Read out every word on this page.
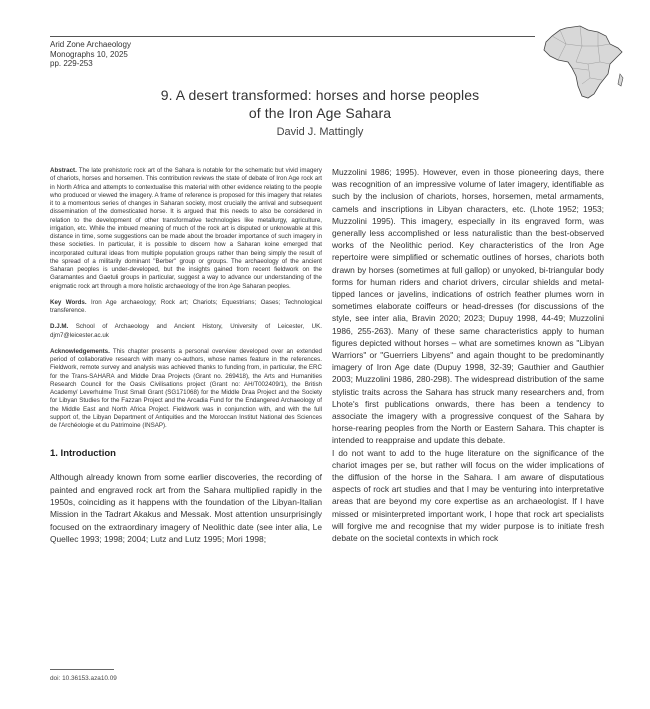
Arid Zone Archaeology
Monographs 10, 2025
pp. 229-253
9. A desert transformed: horses and horse peoples
of the Iron Age Sahara
David J. Mattingly

Abstract. The late prehistoric rock art of the Sahara is notable for the schematic but vivid imagery of chariots, horses and horsemen. This contribution reviews the state of debate of Iron Age rock art in North Africa and attempts to contextualise this material with other evidence relating to the people who produced or viewed the imagery. A frame of reference is proposed for this imagery that relates it to a momentous series of changes in Saharan society, most crucially the arrival and subsequent dissemination of the domesticated horse. It is argued that this needs to also be considered in relation to the development of other transformative technologies like metallurgy, agriculture, irrigation, etc. While the imbued meaning of much of the rock art is disputed or unknowable at this distance in time, some suggestions can be made about the broader importance of such imagery in these societies. In particular, it is possible to discern how a Saharan koine emerged that incorporated cultural ideas from multiple population groups rather than being simply the result of the spread of a militarily dominant "Berber" group or groups. The archaeology of the ancient Saharan peoples is under-developed, but the insights gained from recent fieldwork on the Garamantes and Gaetuli groups in particular, suggest a way to advance our understanding of the enigmatic rock art through a more holistic archaeology of the Iron Age Saharan peoples.

Key Words. Iron Age archaeology; Rock art; Chariots; Equestrians; Oases; Technological transference.

D.J.M. School of Archaeology and Ancient History, University of Leicester, UK. djm7@leicester.ac.uk

Acknowledgements. This chapter presents a personal overview developed over an extended period of collaborative research with many co-authors, whose names feature in the references. Fieldwork, remote survey and analysis was achieved thanks to funding from, in particular, the ERC for the Trans-SAHARA and Middle Draa Projects (Grant no. 269418), the Arts and Humanities Research Council for the Oasis Civilisations project (Grant no: AH/T002409/1), the British Academy/ Leverhulme Trust Small Grant (SG171068) for the Middle Draa Project and the Society for Libyan Studies for the Fazzan Project and the Arcadia Fund for the Endangered Archaeology of the Middle East and North Africa Project. Fieldwork was in conjunction with, and with the full support of, the Libyan Department of Antiquities and the Moroccan Institut National des Sciences de l'Archéologie et du Patrimoine (INSAP).

1. Introduction

Although already known from some earlier discoveries, the recording of painted and engraved rock art from the Sahara multiplied rapidly in the 1950s, coinciding as it happens with the foundation of the Libyan-Italian Mission in the Tadrart Akakus and Messak. Most attention unsurprisingly focused on the extraordinary imagery of Neolithic date (see inter alia, Le Quellec 1993; 1998; 2004; Lutz and Lutz 1995; Mori 1998;

Muzzolini 1986; 1995). However, even in those pioneering days, there was recognition of an impressive volume of later imagery, identifiable as such by the inclusion of chariots, horses, horsemen, metal armaments, camels and inscriptions in Libyan characters, etc. (Lhote 1952; 1953; Muzzolini 1995). This imagery, especially in its engraved form, was generally less accomplished or less naturalistic than the best-observed works of the Neolithic period. Key characteristics of the Iron Age repertoire were simplified or schematic outlines of horses, chariots both drawn by horses (sometimes at full gallop) or unyoked, bi-triangular body forms for human riders and chariot drivers, circular shields and metal-tipped lances or javelins, indications of ostrich feather plumes worn in sometimes elaborate coiffeurs or head-dresses (for discussions of the style, see inter alia, Bravin 2020; 2023; Dupuy 1998, 44-49; Muzzolini 1986, 255-263). Many of these same characteristics apply to human figures depicted without horses – what are sometimes known as "Libyan Warriors" or "Guerriers Libyens" and again thought to be predominantly imagery of Iron Age date (Dupuy 1998, 32-39; Gauthier and Gauthier 2003; Muzzolini 1986, 280-298). The widespread distribution of the same stylistic traits across the Sahara has struck many researchers and, from Lhote's first publications onwards, there has been a tendency to associate the imagery with a progressive conquest of the Sahara by horse-rearing peoples from the North or Eastern Sahara. This chapter is intended to reappraise and update this debate.

I do not want to add to the huge literature on the significance of the chariot images per se, but rather will focus on the wider implications of the diffusion of the horse in the Sahara. I am aware of disputatious aspects of rock art studies and that I may be venturing into interpretative areas that are beyond my core expertise as an archaeologist. If I have missed or misinterpreted important work, I hope that rock art specialists will forgive me and recognise that my wider purpose is to initiate fresh debate on the societal contexts in which rock

doi: 10.36153.aza10.09
